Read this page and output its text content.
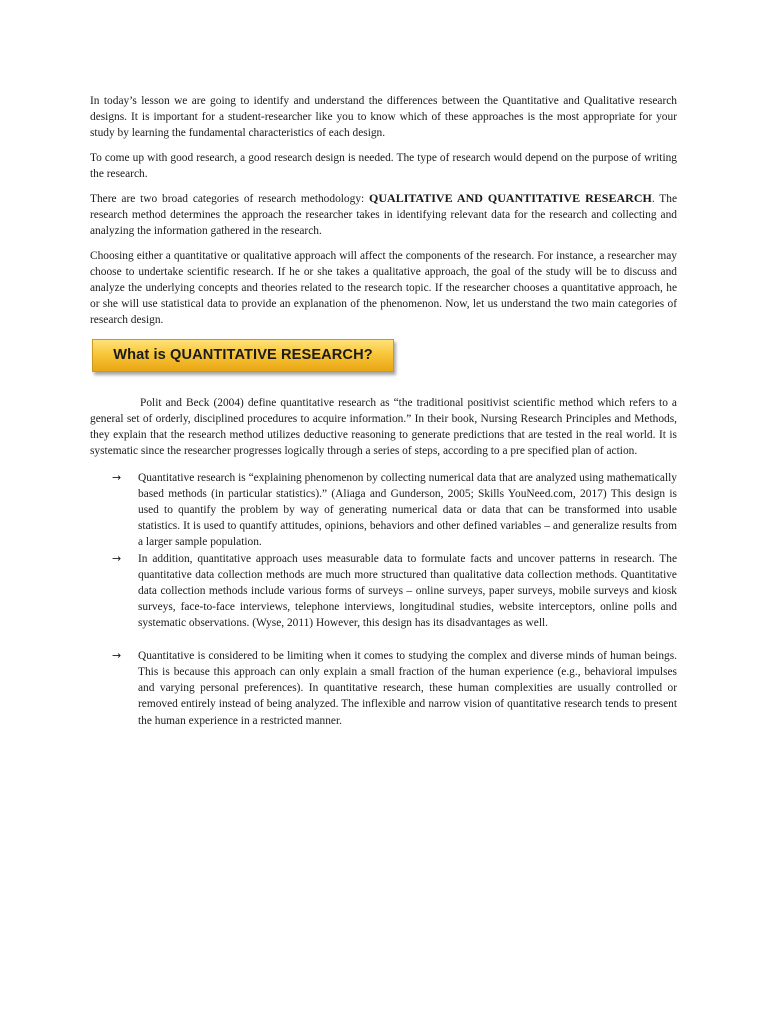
In today’s lesson we are going to identify and understand the differences between the Quantitative and Qualitative research designs. It is important for a student-researcher like you to know which of these approaches is the most appropriate for your study by learning the fundamental characteristics of each design.

To come up with good research, a good research design is needed. The type of research would depend on the purpose of writing the research.

There are two broad categories of research methodology: QUALITATIVE AND QUANTITATIVE RESEARCH. The research method determines the approach the researcher takes in identifying relevant data for the research and collecting and analyzing the information gathered in the research.

Choosing either a quantitative or qualitative approach will affect the components of the research. For instance, a researcher may choose to undertake scientific research. If he or she takes a qualitative approach, the goal of the study will be to discuss and analyze the underlying concepts and theories related to the research topic. If the researcher chooses a quantitative approach, he or she will use statistical data to provide an explanation of the phenomenon. Now, let us understand the two main categories of research design.

What is QUANTITATIVE RESEARCH?

Polit and Beck (2004) define quantitative research as “the traditional positivist scientific method which refers to a general set of orderly, disciplined procedures to acquire information.” In their book, Nursing Research Principles and Methods, they explain that the research method utilizes deductive reasoning to generate predictions that are tested in the real world. It is systematic since the researcher progresses logically through a series of steps, according to a pre specified plan of action.

→ Quantitative research is “explaining phenomenon by collecting numerical data that are analyzed using mathematically based methods (in particular statistics).” (Aliaga and Gunderson, 2005; Skills YouNeed.com, 2017) This design is used to quantify the problem by way of generating numerical data or data that can be transformed into usable statistics. It is used to quantify attitudes, opinions, behaviors and other defined variables – and generalize results from a larger sample population.
→ In addition, quantitative approach uses measurable data to formulate facts and uncover patterns in research. The quantitative data collection methods are much more structured than qualitative data collection methods. Quantitative data collection methods include various forms of surveys – online surveys, paper surveys, mobile surveys and kiosk surveys, face-to-face interviews, telephone interviews, longitudinal studies, website interceptors, online polls and systematic observations. (Wyse, 2011) However, this design has its disadvantages as well.
→ Quantitative is considered to be limiting when it comes to studying the complex and diverse minds of human beings. This is because this approach can only explain a small fraction of the human experience (e.g., behavioral impulses and varying personal preferences). In quantitative research, these human complexities are usually controlled or removed entirely instead of being analyzed. The inflexible and narrow vision of quantitative research tends to present the human experience in a restricted manner.
